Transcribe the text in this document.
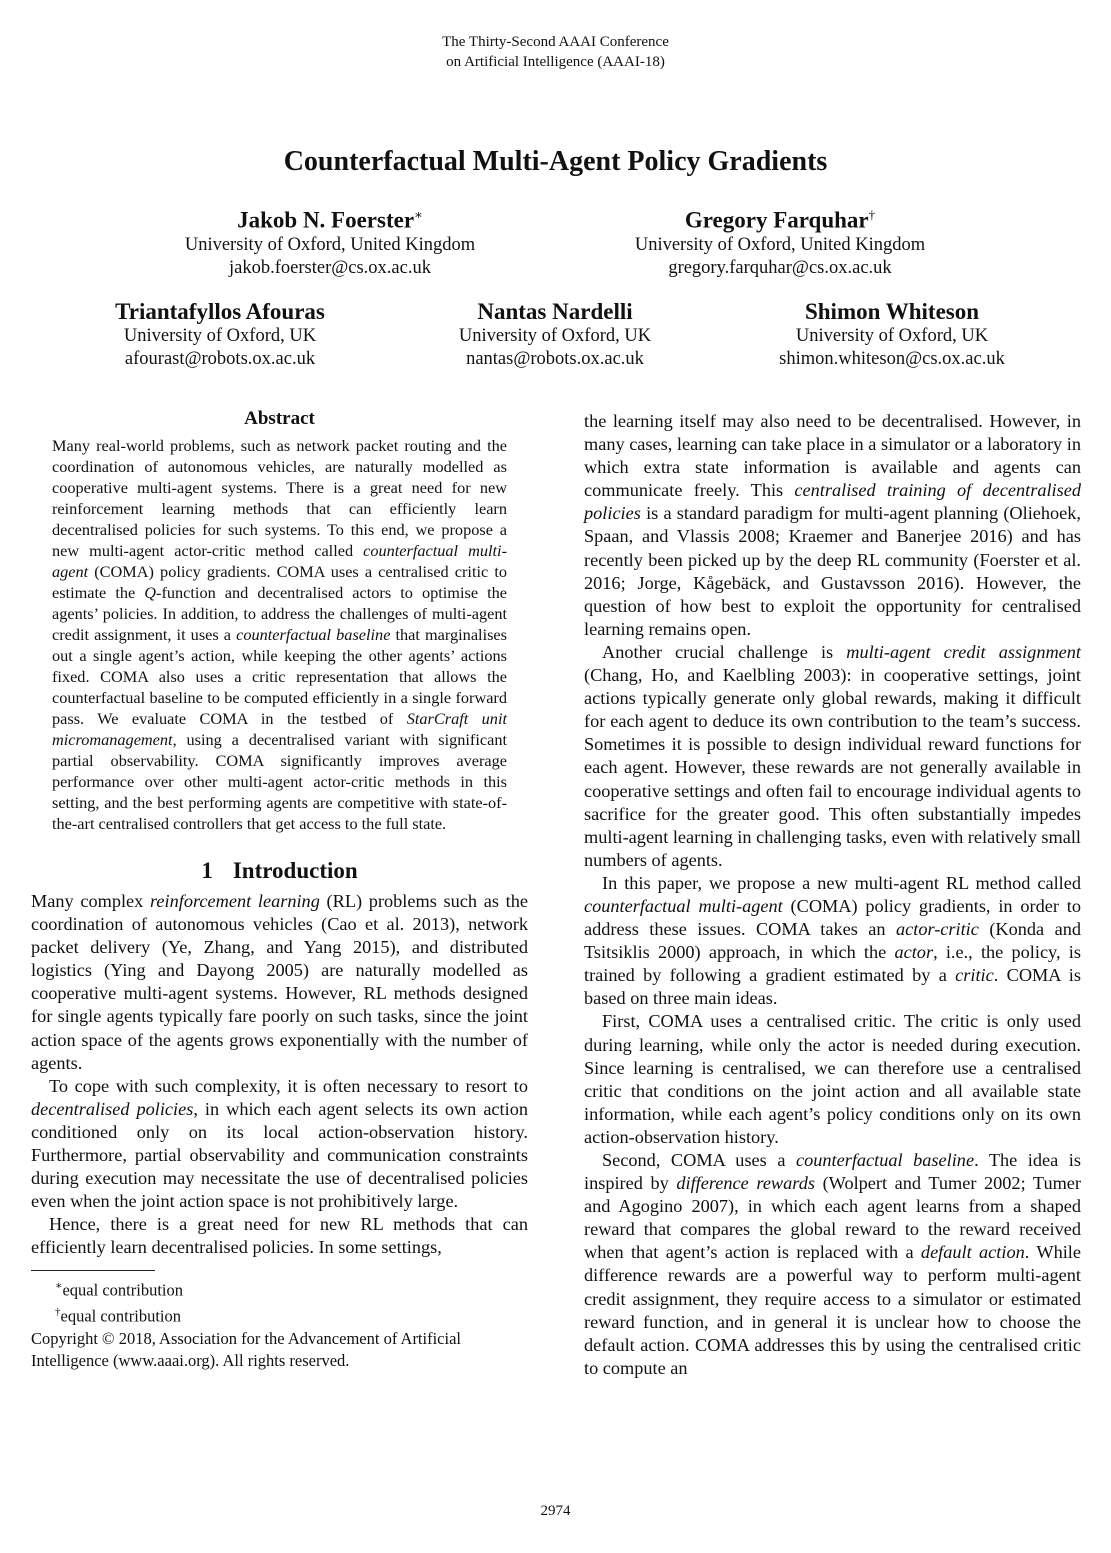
The Thirty-Second AAAI Conference
on Artificial Intelligence (AAAI-18)
Counterfactual Multi-Agent Policy Gradients
Jakob N. Foerster∗
University of Oxford, United Kingdom
jakob.foerster@cs.ox.ac.uk
Gregory Farquhar†
University of Oxford, United Kingdom
gregory.farquhar@cs.ox.ac.uk
Triantafyllos Afouras
University of Oxford, UK
afourast@robots.ox.ac.uk
Nantas Nardelli
University of Oxford, UK
nantas@robots.ox.ac.uk
Shimon Whiteson
University of Oxford, UK
shimon.whiteson@cs.ox.ac.uk
Abstract
Many real-world problems, such as network packet routing and the coordination of autonomous vehicles, are naturally modelled as cooperative multi-agent systems. There is a great need for new reinforcement learning methods that can efficiently learn decentralised policies for such systems. To this end, we propose a new multi-agent actor-critic method called counterfactual multi-agent (COMA) policy gradients. COMA uses a centralised critic to estimate the Q-function and decentralised actors to optimise the agents’ policies. In addition, to address the challenges of multi-agent credit assignment, it uses a counterfactual baseline that marginalises out a single agent’s action, while keeping the other agents’ actions fixed. COMA also uses a critic representation that allows the counterfactual baseline to be computed efficiently in a single forward pass. We evaluate COMA in the testbed of StarCraft unit micromanagement, using a decentralised variant with significant partial observability. COMA significantly improves average performance over other multi-agent actor-critic methods in this setting, and the best performing agents are competitive with state-of-the-art centralised controllers that get access to the full state.
1 Introduction

Many complex reinforcement learning (RL) problems such as the coordination of autonomous vehicles (Cao et al. 2013), network packet delivery (Ye, Zhang, and Yang 2015), and distributed logistics (Ying and Dayong 2005) are naturally modelled as cooperative multi-agent systems. However, RL methods designed for single agents typically fare poorly on such tasks, since the joint action space of the agents grows exponentially with the number of agents.

To cope with such complexity, it is often necessary to resort to decentralised policies, in which each agent selects its own action conditioned only on its local action-observation history. Furthermore, partial observability and communication constraints during execution may necessitate the use of decentralised policies even when the joint action space is not prohibitively large.

Hence, there is a great need for new RL methods that can efficiently learn decentralised policies. In some settings,

∗equal contribution

†equal contribution

Copyright © 2018, Association for the Advancement of Artificial Intelligence (www.aaai.org). All rights reserved.

the learning itself may also need to be decentralised. However, in many cases, learning can take place in a simulator or a laboratory in which extra state information is available and agents can communicate freely. This centralised training of decentralised policies is a standard paradigm for multi-agent planning (Oliehoek, Spaan, and Vlassis 2008; Kraemer and Banerjee 2016) and has recently been picked up by the deep RL community (Foerster et al. 2016; Jorge, Kågebäck, and Gustavsson 2016). However, the question of how best to exploit the opportunity for centralised learning remains open.

Another crucial challenge is multi-agent credit assignment (Chang, Ho, and Kaelbling 2003): in cooperative settings, joint actions typically generate only global rewards, making it difficult for each agent to deduce its own contribution to the team’s success. Sometimes it is possible to design individual reward functions for each agent. However, these rewards are not generally available in cooperative settings and often fail to encourage individual agents to sacrifice for the greater good. This often substantially impedes multi-agent learning in challenging tasks, even with relatively small numbers of agents.

In this paper, we propose a new multi-agent RL method called counterfactual multi-agent (COMA) policy gradients, in order to address these issues. COMA takes an actor-critic (Konda and Tsitsiklis 2000) approach, in which the actor, i.e., the policy, is trained by following a gradient estimated by a critic. COMA is based on three main ideas.

First, COMA uses a centralised critic. The critic is only used during learning, while only the actor is needed during execution. Since learning is centralised, we can therefore use a centralised critic that conditions on the joint action and all available state information, while each agent’s policy conditions only on its own action-observation history.

Second, COMA uses a counterfactual baseline. The idea is inspired by difference rewards (Wolpert and Tumer 2002; Tumer and Agogino 2007), in which each agent learns from a shaped reward that compares the global reward to the reward received when that agent’s action is replaced with a default action. While difference rewards are a powerful way to perform multi-agent credit assignment, they require access to a simulator or estimated reward function, and in general it is unclear how to choose the default action. COMA addresses this by using the centralised critic to compute an

2974
